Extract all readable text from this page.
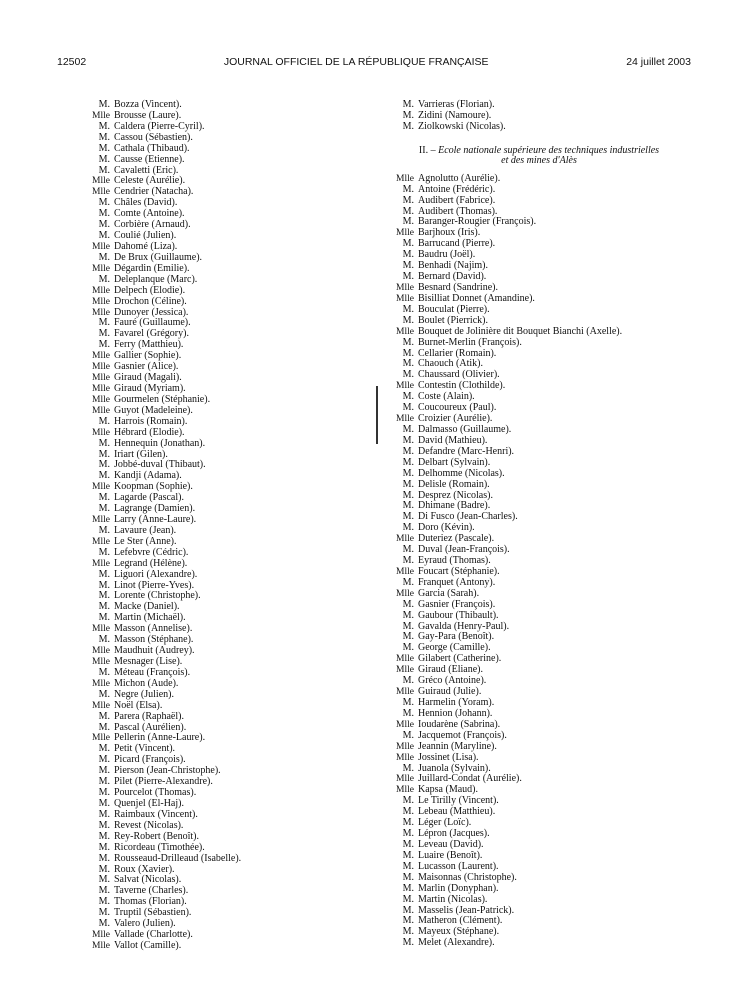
12502	JOURNAL OFFICIEL DE LA RÉPUBLIQUE FRANÇAISE	24 juillet 2003
M. Bozza (Vincent).
Mlle Brousse (Laure).
M. Caldera (Pierre-Cyril).
M. Cassou (Sébastien).
M. Cathala (Thibaud).
M. Causse (Etienne).
M. Cavaletti (Eric).
Mlle Celeste (Aurélie).
Mlle Cendrier (Natacha).
M. Châles (David).
M. Comte (Antoine).
M. Corbière (Arnaud).
M. Coulié (Julien).
Mlle Dahomé (Liza).
M. De Brux (Guillaume).
Mlle Dégardin (Emilie).
M. Deleplanque (Marc).
Mlle Delpech (Elodie).
Mlle Drochon (Céline).
Mlle Dunoyer (Jessica).
M. Fauré (Guillaume).
M. Favarel (Grégory).
M. Ferry (Matthieu).
Mlle Gallier (Sophie).
Mlle Gasnier (Alice).
Mlle Giraud (Magali).
Mlle Giraud (Myriam).
Mlle Gourmelen (Stéphanie).
Mlle Guyot (Madeleine).
M. Harrois (Romain).
Mlle Hébrard (Elodie).
M. Hennequin (Jonathan).
M. Iriart (Gilen).
M. Jobbé-duval (Thibaut).
M. Kandji (Adama).
Mlle Koopman (Sophie).
M. Lagarde (Pascal).
M. Lagrange (Damien).
Mlle Larry (Anne-Laure).
M. Lavaure (Jean).
Mlle Le Ster (Anne).
M. Lefebvre (Cédric).
Mlle Legrand (Hélène).
M. Liguori (Alexandre).
M. Linot (Pierre-Yves).
M. Lorente (Christophe).
M. Macke (Daniel).
M. Martin (Michaël).
Mlle Masson (Annelise).
M. Masson (Stéphane).
Mlle Maudhuit (Audrey).
Mlle Mesnager (Lise).
M. Méteau (François).
Mlle Michon (Aude).
M. Negre (Julien).
Mlle Noël (Elsa).
M. Parera (Raphaël).
M. Pascal (Aurélien).
Mlle Pellerin (Anne-Laure).
M. Petit (Vincent).
M. Picard (François).
M. Pierson (Jean-Christophe).
M. Pilet (Pierre-Alexandre).
M. Pourcelot (Thomas).
M. Quenjel (El-Haj).
M. Raimbaux (Vincent).
M. Revest (Nicolas).
M. Rey-Robert (Benoît).
M. Ricordeau (Timothée).
M. Rousseaud-Drilleaud (Isabelle).
M. Roux (Xavier).
M. Salvat (Nicolas).
M. Taverne (Charles).
M. Thomas (Florian).
M. Truptil (Sébastien).
M. Valero (Julien).
Mlle Vallade (Charlotte).
Mlle Vallot (Camille).
M. Varrieras (Florian).
M. Zidini (Namoure).
M. Ziolkowski (Nicolas).
II. – Ecole nationale supérieure des techniques industrielles
et des mines d'Alès
Mlle Agnolutto (Aurélie).
M. Antoine (Frédéric).
M. Audibert (Fabrice).
M. Audibert (Thomas).
M. Baranger-Rougier (François).
Mlle Barjhoux (Iris).
M. Barrucand (Pierre).
M. Baudru (Joël).
M. Benhadi (Najim).
M. Bernard (David).
Mlle Besnard (Sandrine).
Mlle Bisilliat Donnet (Amandine).
M. Bouculat (Pierre).
M. Boulet (Pierrick).
Mlle Bouquet de Jolinière dit Bouquet Bianchi (Axelle).
M. Burnet-Merlin (François).
M. Cellarier (Romain).
M. Chaouch (Atik).
M. Chaussard (Olivier).
Mlle Contestin (Clothilde).
M. Coste (Alain).
M. Coucoureux (Paul).
Mlle Croizier (Aurélie).
M. Dalmasso (Guillaume).
M. David (Mathieu).
M. Defandre (Marc-Henri).
M. Delbart (Sylvain).
M. Delhomme (Nicolas).
M. Delisle (Romain).
M. Desprez (Nicolas).
M. Dhimane (Badre).
M. Di Fusco (Jean-Charles).
M. Doro (Kévin).
Mlle Duteriez (Pascale).
M. Duval (Jean-François).
M. Eyraud (Thomas).
Mlle Foucart (Stéphanie).
M. Franquet (Antony).
Mlle Garcia (Sarah).
M. Gasnier (François).
M. Gaubour (Thibault).
M. Gavalda (Henry-Paul).
M. Gay-Para (Benoît).
M. George (Camille).
Mlle Gilabert (Catherine).
Mlle Giraud (Eliane).
M. Gréco (Antoine).
Mlle Guiraud (Julie).
M. Harmelin (Yoram).
M. Hennion (Johann).
Mlle Ioudarène (Sabrina).
M. Jacquemot (François).
Mlle Jeannin (Maryline).
Mlle Jossinet (Lisa).
M. Juanola (Sylvain).
Mlle Juillard-Condat (Aurélie).
Mlle Kapsa (Maud).
M. Le Tirilly (Vincent).
M. Lebeau (Matthieu).
M. Léger (Loïc).
M. Lépron (Jacques).
M. Leveau (David).
M. Luaire (Benoît).
M. Lucasson (Laurent).
M. Maisonnas (Christophe).
M. Marlin (Donyphan).
M. Martin (Nicolas).
M. Masselis (Jean-Patrick).
M. Matheron (Clément).
M. Mayeux (Stéphane).
M. Melet (Alexandre).
